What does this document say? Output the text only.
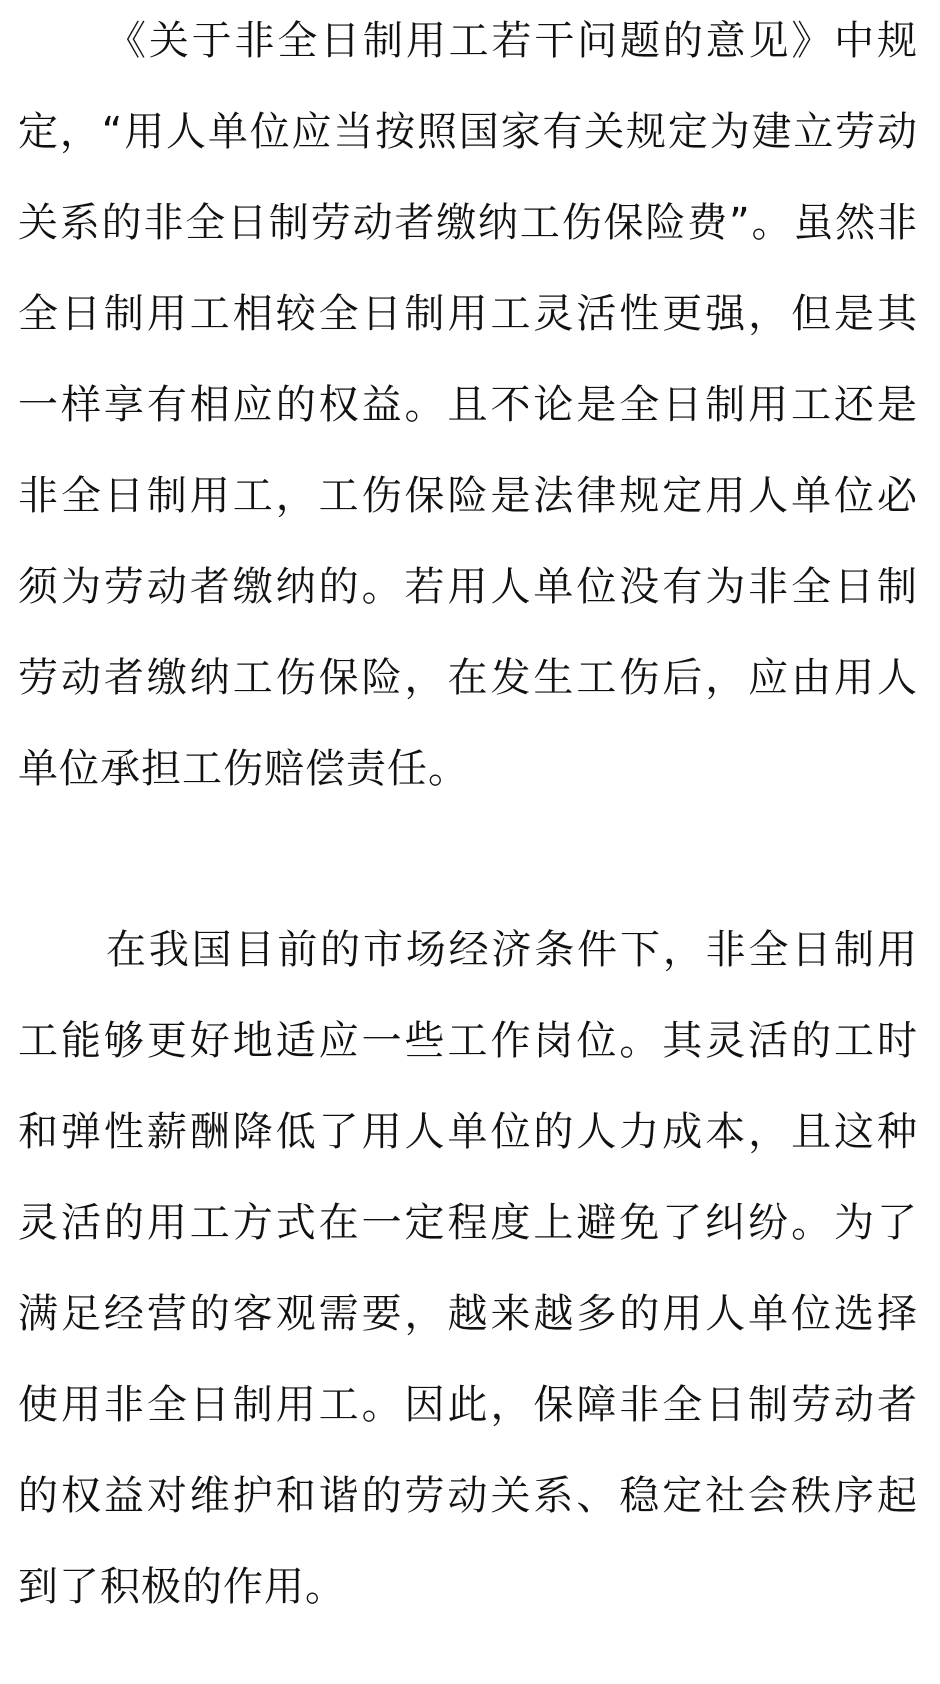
《关于非全日制用工若干问题的意见》中规定，“用人单位应当按照国家有关规定为建立劳动关系的非全日制劳动者缴纳工伤保险费”。虽然非全日制用工相较全日制用工灵活性更强，但是其一样享有相应的权益。且不论是全日制用工还是非全日制用工，工伤保险是法律规定用人单位必须为劳动者缴纳的。若用人单位没有为非全日制劳动者缴纳工伤保险，在发生工伤后，应由用人单位承担工伤赔偿责任。

在我国目前的市场经济条件下，非全日制用工能够更好地适应一些工作岗位。其灵活的工时和弹性薪酬降低了用人单位的人力成本，且这种灵活的用工方式在一定程度上避免了纠纷。为了满足经营的客观需要，越来越多的用人单位选择使用非全日制用工。因此，保障非全日制劳动者的权益对维护和谐的劳动关系、稳定社会秩序起到了积极的作用。
